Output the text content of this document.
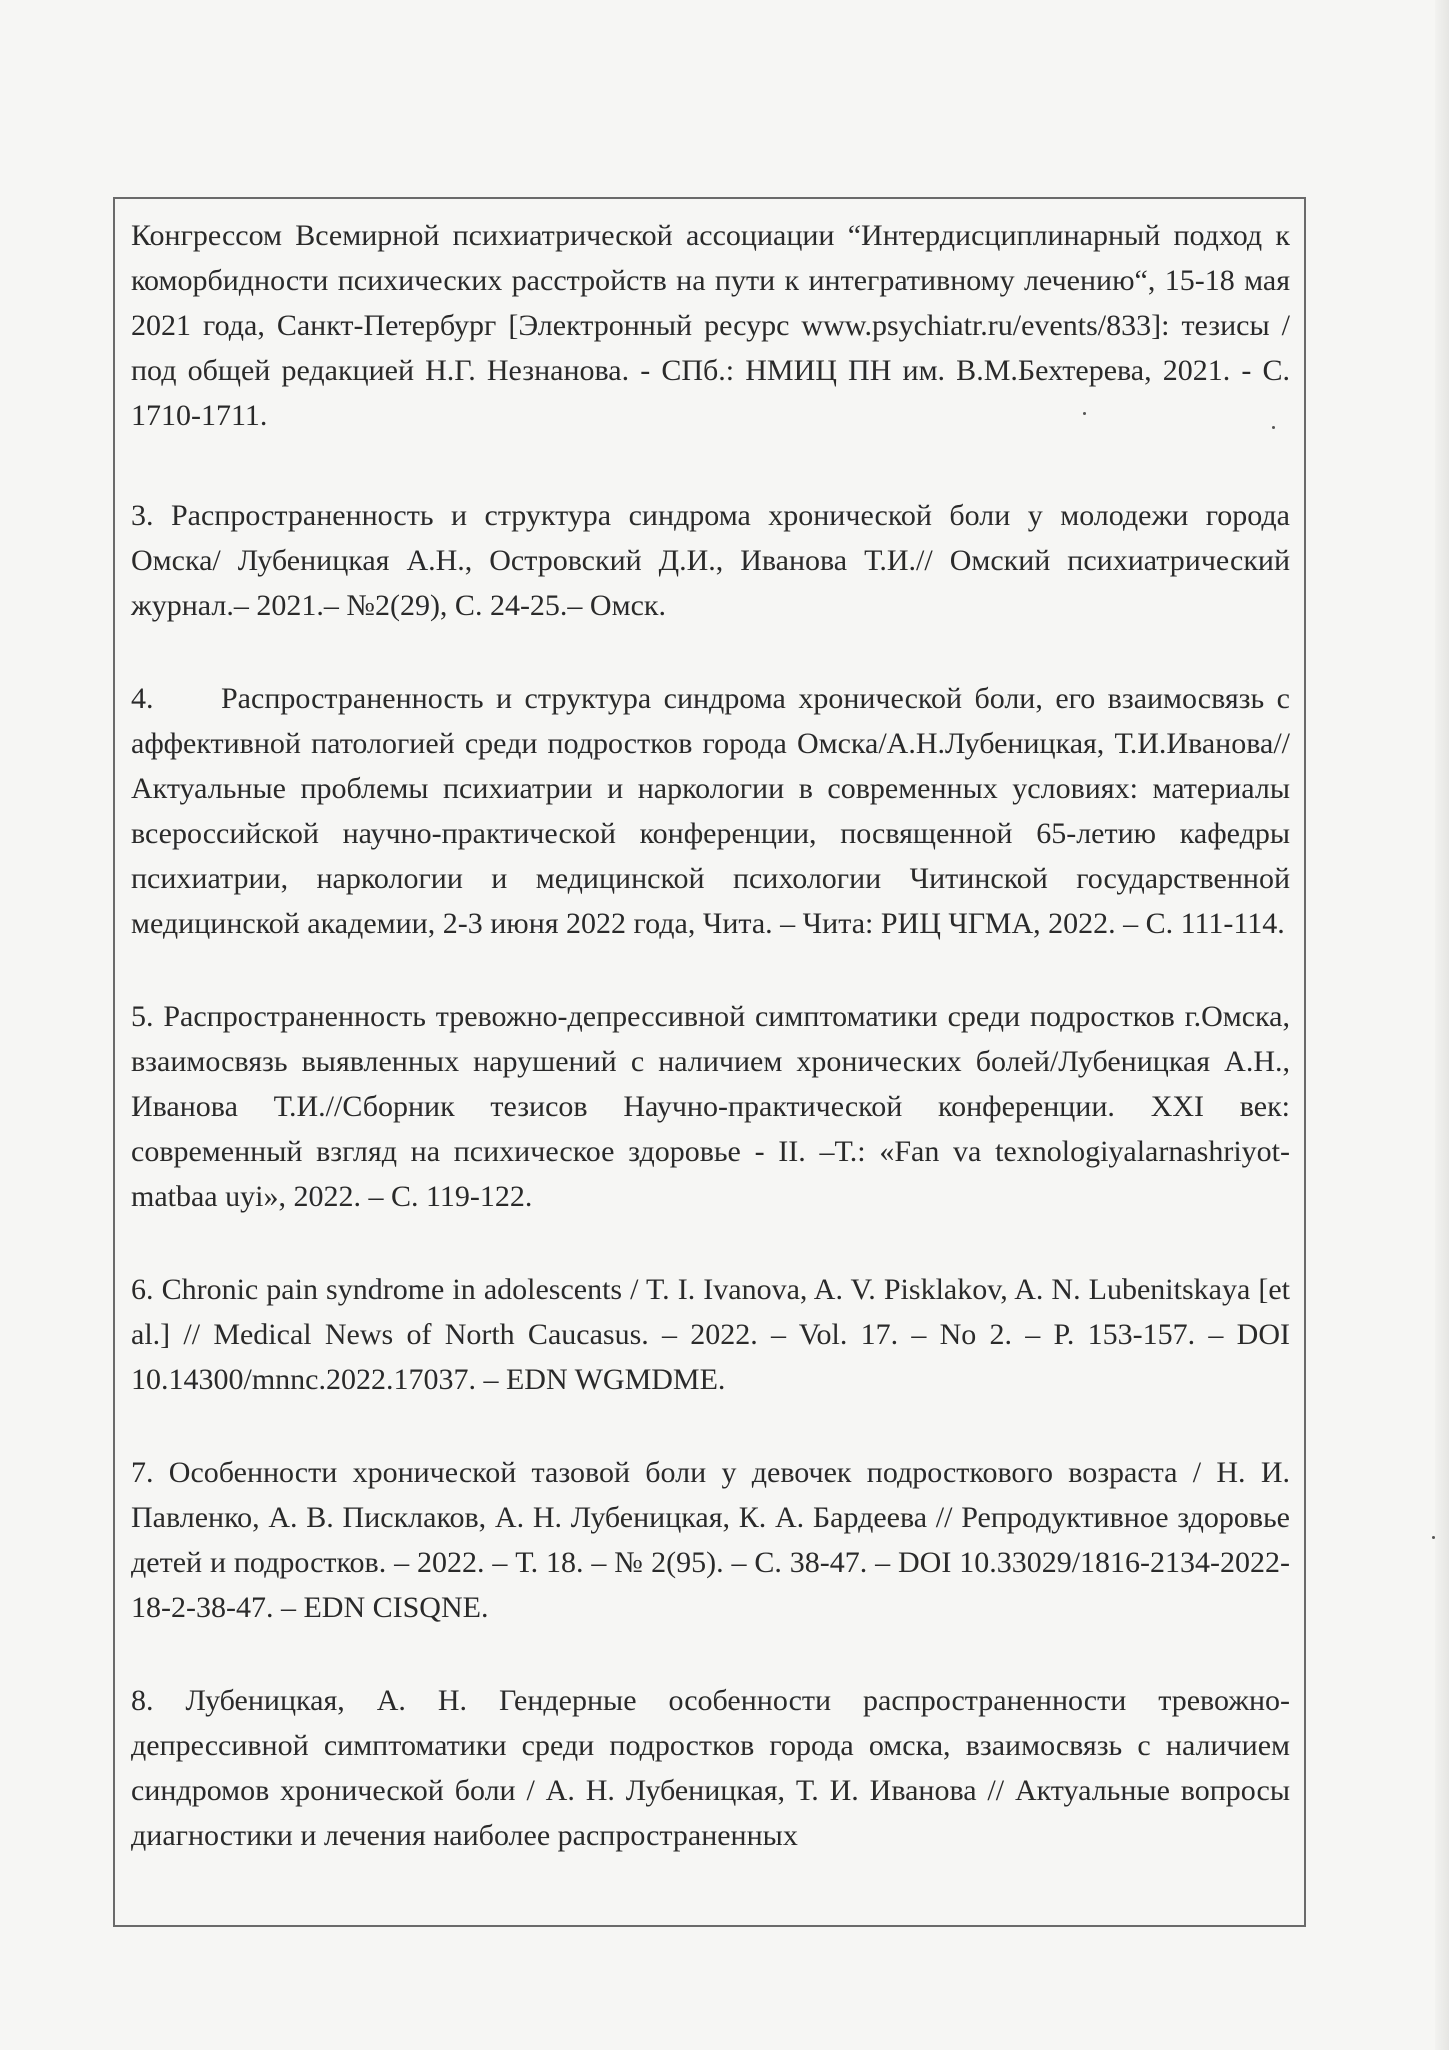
Конгрессом Всемирной психиатрической ассоциации “Интердисциплинарный подход к коморбидности психических расстройств на пути к интегративному лечению“, 15-18 мая 2021 года, Санкт-Петербург [Электронный ресурс www.psychiatr.ru/events/833]: тезисы / под общей редакцией Н.Г. Незнанова. - СПб.: НМИЦ ПН им. В.М.Бехтерева, 2021. - С. 1710-1711.

3. Распространенность и структура синдрома хронической боли у молодежи города Омска/ Лубеницкая А.Н., Островский Д.И., Иванова Т.И.// Омский психиатрический журнал.– 2021.– №2(29), С. 24-25.– Омск.

4. Распространенность и структура синдрома хронической боли, его взаимосвязь с аффективной патологией среди подростков города Омска/А.Н.Лубеницкая, Т.И.Иванова//Актуальные проблемы психиатрии и наркологии в современных условиях: материалы всероссийской научно-практической конференции, посвященной 65-летию кафедры психиатрии, наркологии и медицинской психологии Читинской государственной медицинской академии, 2-3 июня 2022 года, Чита. – Чита: РИЦ ЧГМА, 2022. – С. 111-114.

5. Распространенность тревожно-депрессивной симптоматики среди подростков г.Омска, взаимосвязь выявленных нарушений с наличием хронических болей/Лубеницкая А.Н., Иванова Т.И.//Сборник тезисов Научно-практической конференции. XXI век: современный взгляд на психическое здоровье - II. –Т.: «Fan va texnologiyalarnashriyot-matbaa uyi», 2022. – С. 119-122.

6. Chronic pain syndrome in adolescents / T. I. Ivanova, A. V. Pisklakov, A. N. Lubenitskaya [et al.] // Medical News of North Caucasus. – 2022. – Vol. 17. – No 2. – P. 153-157. – DOI 10.14300/mnnc.2022.17037. – EDN WGMDME.

7. Особенности хронической тазовой боли у девочек подросткового возраста / Н. И. Павленко, А. В. Писклаков, А. Н. Лубеницкая, К. А. Бардеева // Репродуктивное здоровье детей и подростков. – 2022. – Т. 18. – № 2(95). – С. 38-47. – DOI 10.33029/1816-2134-2022-18-2-38-47. – EDN CISQNE.

8. Лубеницкая, А. Н. Гендерные особенности распространенности тревожно-депрессивной симптоматики среди подростков города омска, взаимосвязь с наличием синдромов хронической боли / А. Н. Лубеницкая, Т. И. Иванова // Актуальные вопросы диагностики и лечения наиболее распространенных
